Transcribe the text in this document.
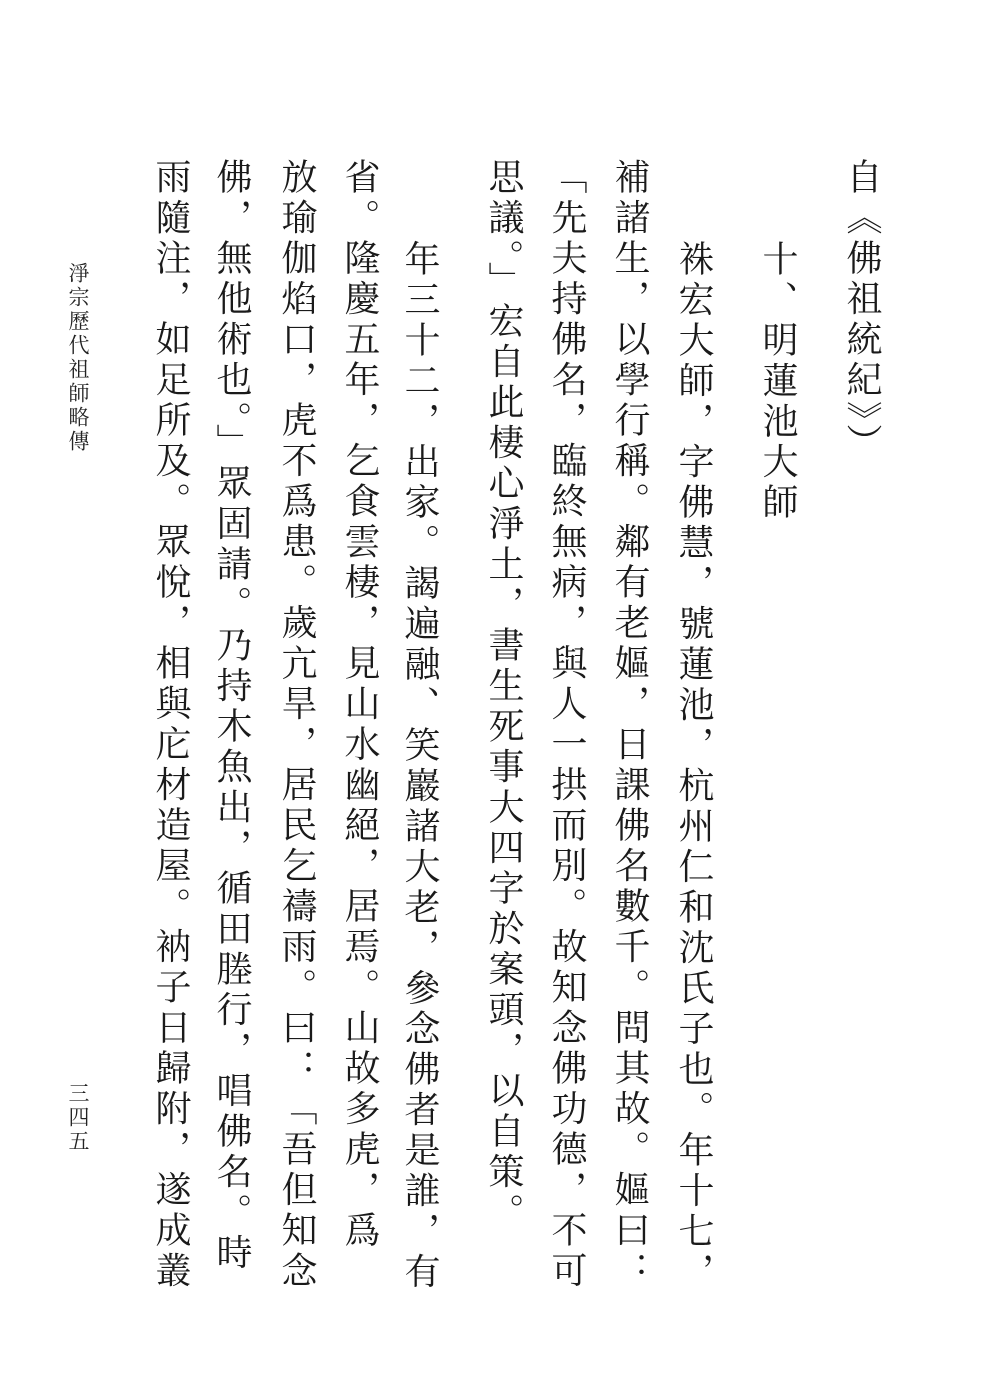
自《佛祖統紀》）
十、明蓮池大師
袾宏大師，字佛慧，號蓮池，杭州仁和沈氏子也。年十七，
補諸生，以學行稱。鄰有老嫗，日課佛名數千。問其故。嫗曰：
「先夫持佛名，臨終無病，與人一拱而別。故知念佛功德，不可
思議。」宏自此棲心淨土，書生死事大四字於案頭，以自策。
年三十二，出家。謁遍融、笑巖諸大老，參念佛者是誰，有
省。隆慶五年，乞食雲棲，見山水幽絕，居焉。山故多虎，爲
放瑜伽焰口，虎不爲患。歲亢旱，居民乞禱雨。曰：「吾但知念
佛，無他術也。」眾固請。乃持木魚出，循田塍行，唱佛名。時
雨隨注，如足所及。眾悅，相與庀材造屋。衲子日歸附，遂成叢
淨宗歷代祖師略傳
三四五
